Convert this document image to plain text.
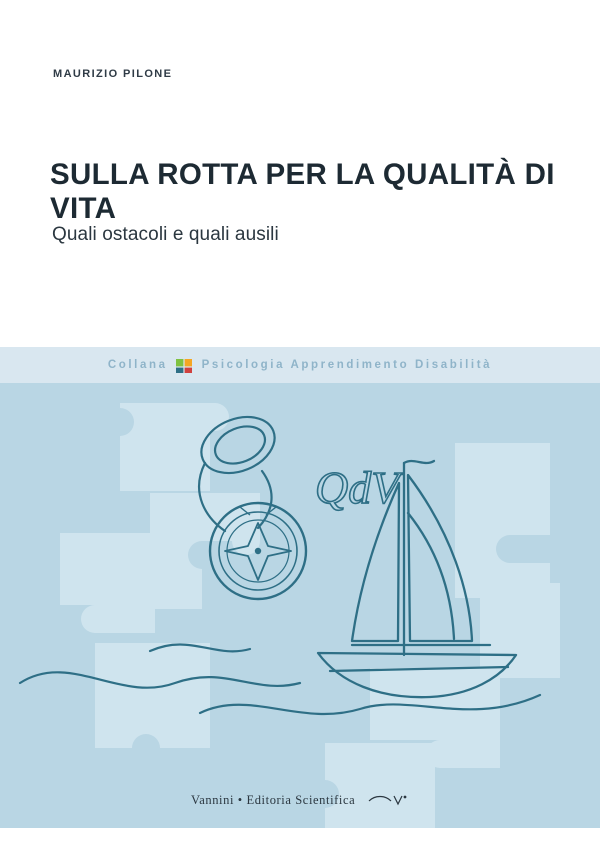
MAURIZIO PILONE
SULLA ROTTA PER LA QUALITÀ DI VITA
Quali ostacoli e quali ausili
Collana	Psicologia Apprendimento Disabilità
QdV
Vannini • Editoria Scientifica
